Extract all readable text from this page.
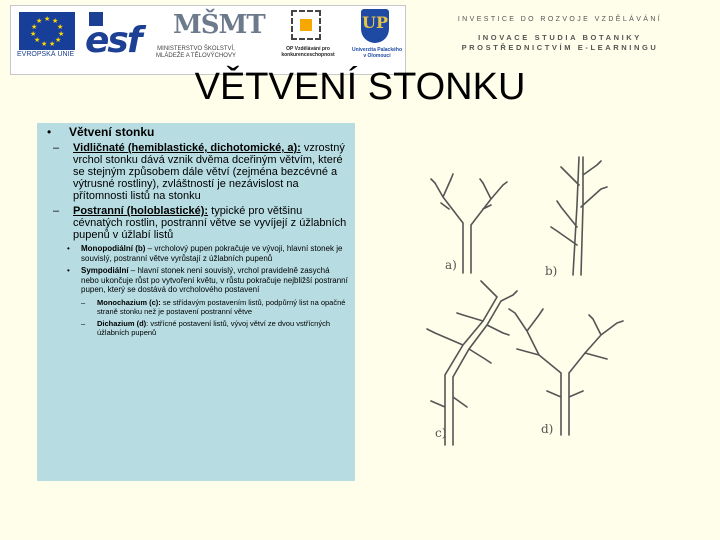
★ ★
★
★
★
★
★
★
★
★
★
EVROPSKÁ UNIE esf MŠMT
MINISTERSTVO ŠKOLSTVÍ, MLÁDEŽE A TĚLOVÝCHOVY
OP Vzdělávání pro konkurenceschopnost
UP
Univerzita Palackého v Olomouci
INVESTICE DO ROZVOJE VZDĚLÁVÁNÍ
INOVACE STUDIA BOTANIKY
PROSTŘEDNICTVÍM E-LEARNINGU
VĚTVENÍ STONKU
• Větvení stonku
– Vidličnaté (hemiblastické, dichotomické, a): vzrostný vrchol stonku dává vznik dvěma dceřiným větvím, které se stejným způsobem dále větví (zejména bezcévné a výtrusné rostliny), zvláštností je nezávislost na přítomnosti listů na stonku
– Postranní (holoblastické): typické pro většinu cévnatých rostlin, postranní větve se vyvíjejí z úžlabních pupenů v úžlabí listů
• Monopodiální (b) – vrcholový pupen pokračuje ve vývoji, hlavní stonek je souvislý, postranní větve vyrůstají z úžlabních pupenů
• Sympodiální – hlavní stonek není souvislý, vrchol pravidelně zasychá nebo ukončuje růst po vytvoření květu, v růstu pokračuje nejbližší postranní pupen, který se dostává do vrcholového postavení
– Monochazium (c): se střídavým postavením listů, podpůrný list na opačné straně stonku než je postavení postranní větve
– Dichazium (d): vstřícné postavení listů, vývoj větví ze dvou vstřícných úžlabních pupenů
a)	b)
c)	d)
